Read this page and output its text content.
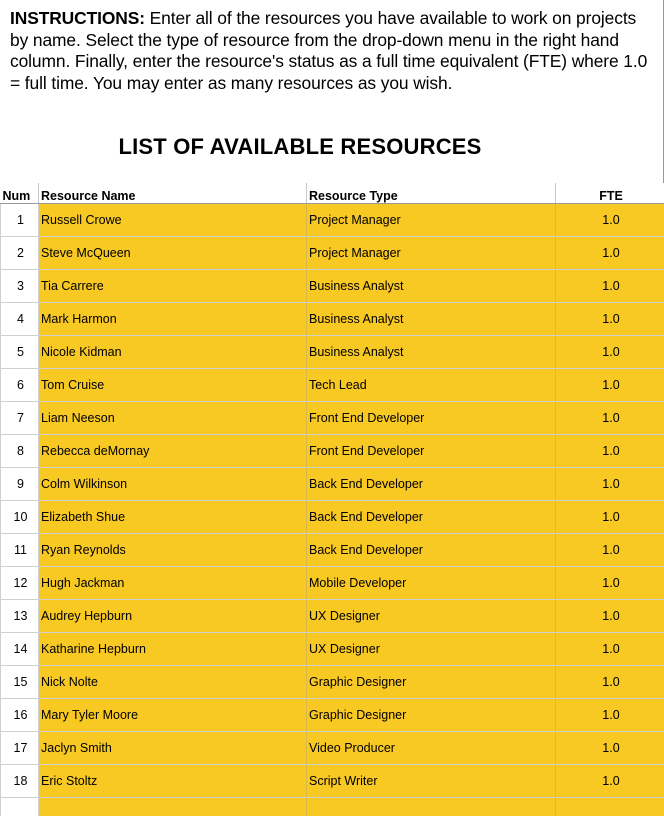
INSTRUCTIONS: Enter all of the resources you have available to work on projects by name. Select the type of resource from the drop-down menu in the right hand column. Finally, enter the resource's status as a full time equivalent (FTE) where 1.0 = full time. You may enter as many resources as you wish.
LIST OF AVAILABLE RESOURCES
Num	Resource Name	Resource Type	FTE
1	Russell Crowe	Project Manager	1.0
2	Steve McQueen	Project Manager	1.0
3	Tia Carrere	Business Analyst	1.0
4	Mark Harmon	Business Analyst	1.0
5	Nicole Kidman	Business Analyst	1.0
6	Tom Cruise	Tech Lead	1.0
7	Liam Neeson	Front End Developer	1.0
8	Rebecca deMornay	Front End Developer	1.0
9	Colm Wilkinson	Back End Developer	1.0
10	Elizabeth Shue	Back End Developer	1.0
11	Ryan Reynolds	Back End Developer	1.0
12	Hugh Jackman	Mobile Developer	1.0
13	Audrey Hepburn	UX Designer	1.0
14	Katharine Hepburn	UX Designer	1.0
15	Nick Nolte	Graphic Designer	1.0
16	Mary Tyler Moore	Graphic Designer	1.0
17	Jaclyn Smith	Video Producer	1.0
18	Eric Stoltz	Script Writer	1.0
